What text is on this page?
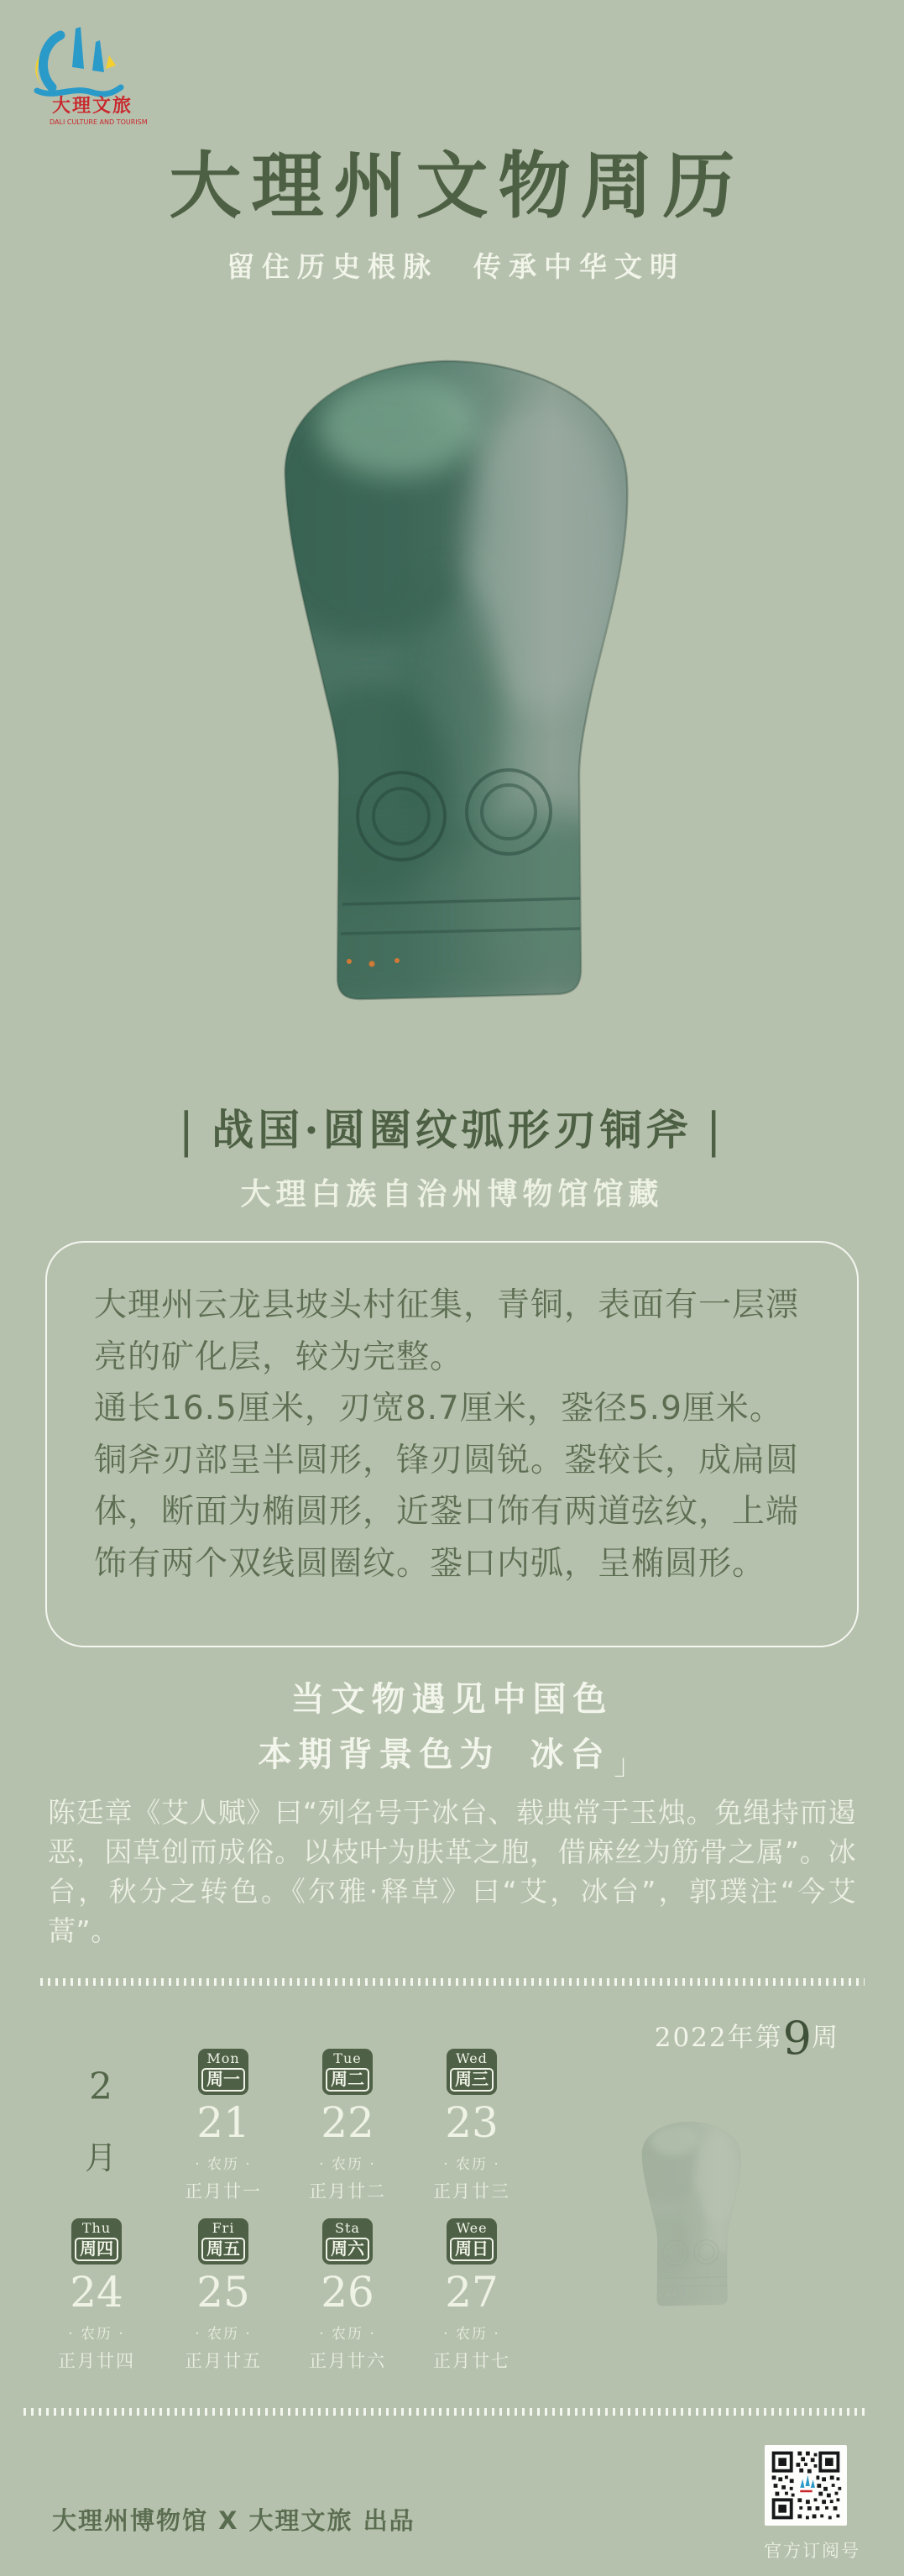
大理文旅
DALI CULTURE AND TOURISM
大理州文物周历
留住历史根脉　传承中华文明
| 战国·圆圈纹弧形刃铜斧 |
大理白族自治州博物馆馆藏

大理州云龙县坡头村征集，青铜，表面有一层漂亮的矿化层，较为完整。

通长16.5厘米，刃宽8.7厘米，銎径5.9厘米。铜斧刃部呈半圆形，锋刃圆锐。銎较长，成扁圆体，断面为椭圆形，近銎口饰有两道弦纹，上端饰有两个双线圆圈纹。銎口内弧，呈椭圆形。

当文物遇见中国色
本期背景色为 冰台 $_」$
陈廷章《艾人赋》曰“列名号于冰台、载典常于玉烛。免绳持而遏恶，因草创而成俗。以枝叶为肤革之胞，借麻丝为筋骨之属”。冰台，秋分之转色。《尔雅·释草》曰“艾，冰台”，郭璞注“今艾蒿”。
2022年第9周
2
月
Mon
周一
21
· 农历 ·
正月廿一
Tue
周二
22
· 农历 ·
正月廿二
Wed
周三
23
· 农历 ·
正月廿三
Thu
周四
24
· 农历 ·
正月廿四
Fri
周五
25
· 农历 ·
正月廿五
Sta
周六
26
· 农历 ·
正月廿六
Wee
周日
27
· 农历 ·
正月廿七
大理州博物馆 X 大理文旅 出品
官方订阅号
